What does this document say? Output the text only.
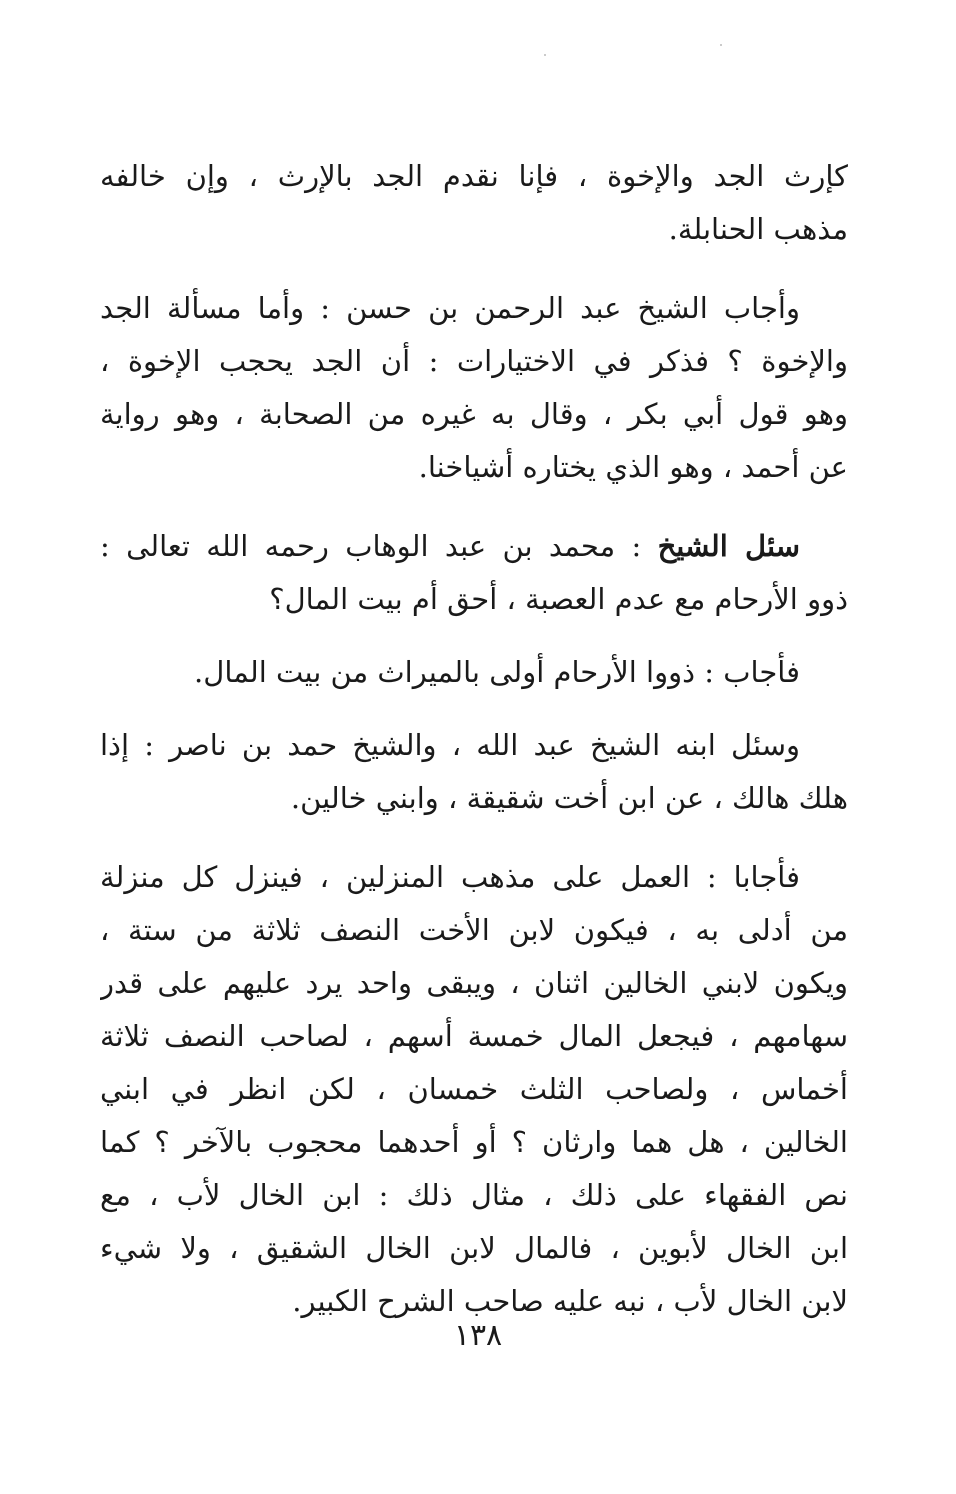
كإرث الجد والإخوة ، فإنا نقدم الجد بالإرث ، وإن خالفه
مذهب الحنابلة.
وأجاب الشيخ عبد الرحمن بن حسن : وأما مسألة الجد
والإخوة ؟ فذكر في الاختيارات : أن الجد يحجب الإخوة ،
وهو قول أبي بكر ، وقال به غيره من الصحابة ، وهو رواية
عن أحمد ، وهو الذي يختاره أشياخنا.
سئل الشيخ : محمد بن عبد الوهاب رحمه الله تعالى :
ذوو الأرحام مع عدم العصبة ، أحق أم بيت المال؟
فأجاب : ذووا الأرحام أولى بالميراث من بيت المال.
وسئل ابنه الشيخ عبد الله ، والشيخ حمد بن ناصر : إذا
هلك هالك ، عن ابن أخت شقيقة ، وابني خالين.
فأجابا : العمل على مذهب المنزلين ، فينزل كل منزلة
من أدلى به ، فيكون لابن الأخت النصف ثلاثة من ستة ،
ويكون لابني الخالين اثنان ، ويبقى واحد يرد عليهم على قدر
سهامهم ، فيجعل المال خمسة أسهم ، لصاحب النصف ثلاثة
أخماس ، ولصاحب الثلث خمسان ، لكن انظر في ابني
الخالين ، هل هما وارثان ؟ أو أحدهما محجوب بالآخر ؟ كما
نص الفقهاء على ذلك ، مثال ذلك : ابن الخال لأب ، مع
ابن الخال لأبوين ، فالمال لابن الخال الشقيق ، ولا شيء
لابن الخال لأب ، نبه عليه صاحب الشرح الكبير.
١٣٨
